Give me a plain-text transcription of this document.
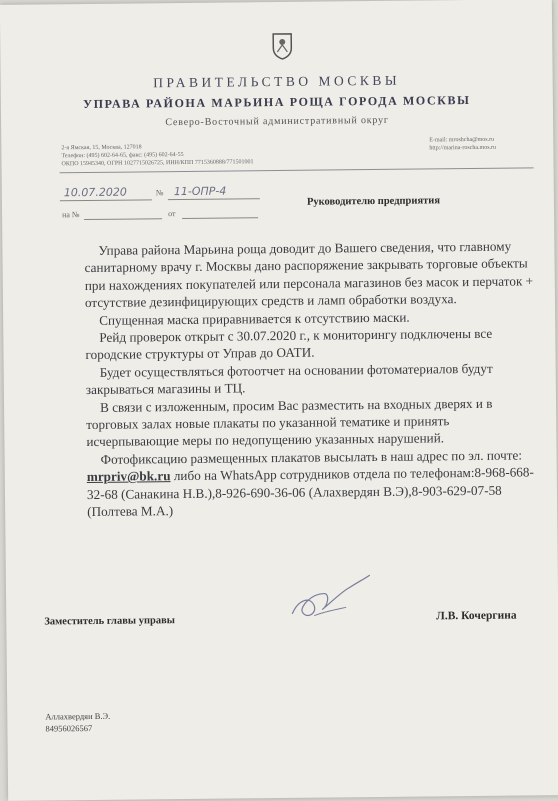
ПРАВИТЕЛЬСТВО МОСКВЫ
УПРАВА РАЙОНА МАРЬИНА РОЩА ГОРОДА МОСКВЫ
Северо-Восточный административный округ
2-я Ямская, 15, Москва, 127018
Телефон: (495) 602-64-65, факс: (495) 602-64-55
ОКПО 15945340, ОГРН 1027715026725, ИНН/КПП 7715360888/771501001
E-mail: mroshcha@mos.ru
http://marina-roscha.mos.ru
10.07.2020	№ 11-ОПР-4
на №	от
Руководителю предприятия

Управа района Марьина роща доводит до Вашего сведения, что главному санитарному врачу г. Москвы дано распоряжение закрывать торговые объекты при нахождениях покупателей или персонала магазинов без масок и перчаток + отсутствие дезинфицирующих средств и ламп обработки воздуха.

Спущенная маска приравнивается к отсутствию маски.

Рейд проверок открыт с 30.07.2020 г., к мониторингу подключены все городские структуры от Управ до ОАТИ.

Будет осуществляться фотоотчет на основании фотоматериалов будут закрываться магазины и ТЦ.

В связи с изложенным, просим Вас разместить на входных дверях и в торговых залах новые плакаты по указанной тематике и принять исчерпывающие меры по недопущению указанных нарушений.

Фотофиксацию размещенных плакатов высылать в наш адрес по эл. почте: mrpriv@bk.ru либо на WhatsApp сотрудников отдела по телефонам:8-968-668-32-68 (Санакина Н.В.),8-926-690-36-06 (Алахвердян В.Э),8-903-629-07-58 (Полтева М.А.)

Заместитель главы управы	Л.В. Кочергина
Аллахвердян В.Э.
84956026567
